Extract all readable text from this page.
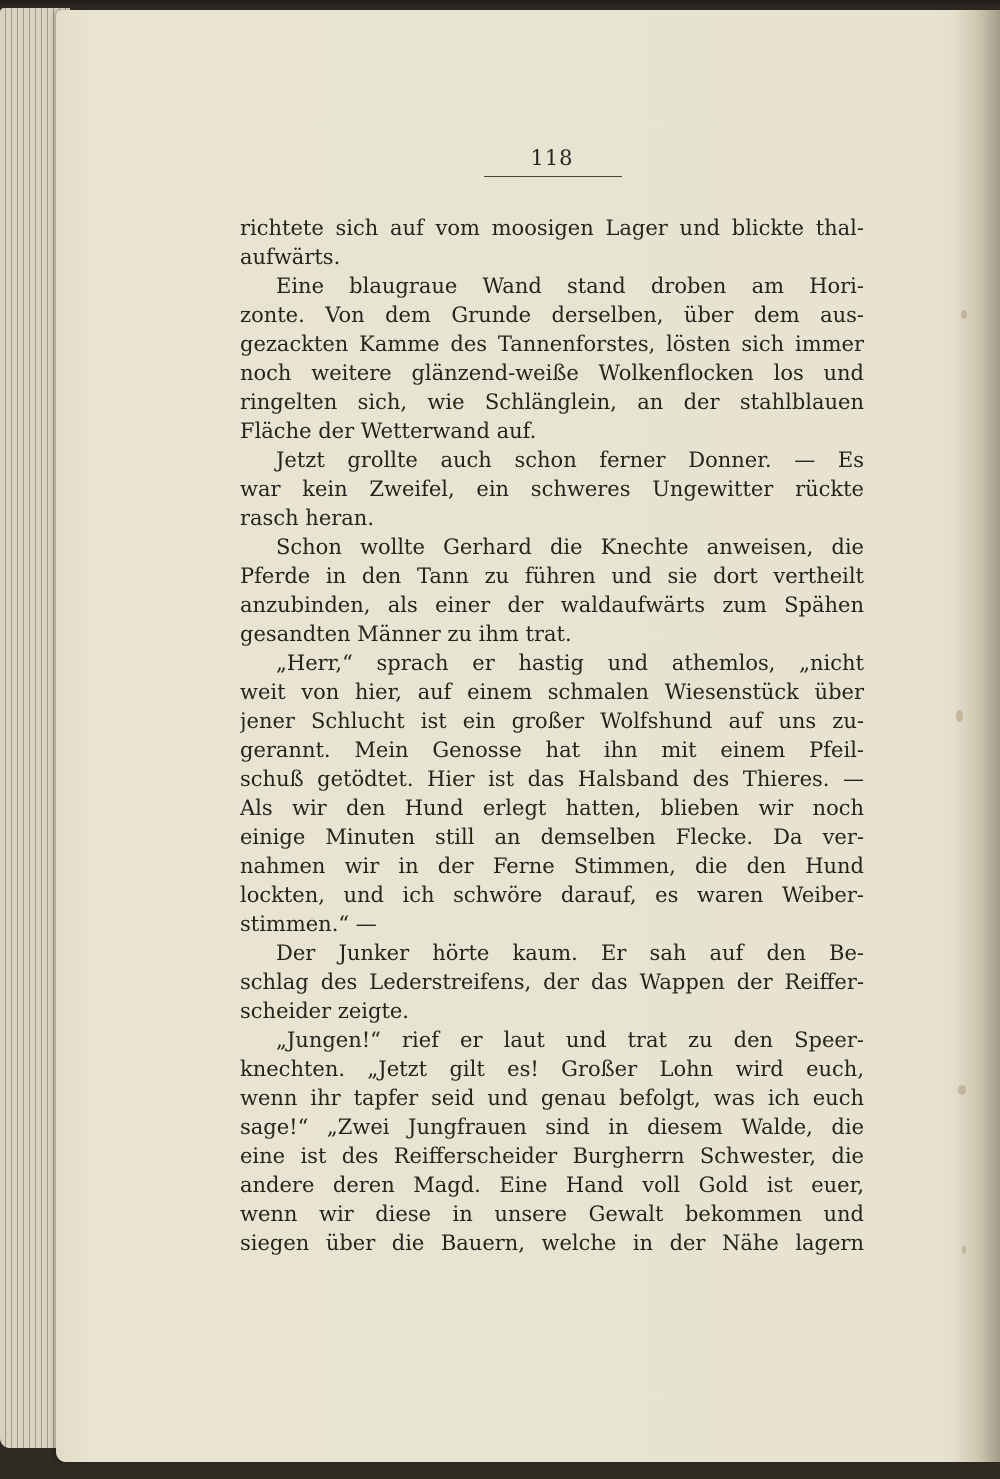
118
richtete sich auf vom moosigen Lager und blickte thal-
aufwärts.
Eine blaugraue Wand stand droben am Hori-
zonte. Von dem Grunde derselben, über dem aus-
gezackten Kamme des Tannenforstes, lösten sich immer
noch weitere glänzend-weiße Wolkenflocken los und
ringelten sich, wie Schlänglein, an der stahlblauen
Fläche der Wetterwand auf.
Jetzt grollte auch schon ferner Donner. — Es
war kein Zweifel, ein schweres Ungewitter rückte
rasch heran.
Schon wollte Gerhard die Knechte anweisen, die
Pferde in den Tann zu führen und sie dort vertheilt
anzubinden, als einer der waldaufwärts zum Spähen
gesandten Männer zu ihm trat.
„Herr,“ sprach er hastig und athemlos, „nicht
weit von hier, auf einem schmalen Wiesenstück über
jener Schlucht ist ein großer Wolfshund auf uns zu-
gerannt. Mein Genosse hat ihn mit einem Pfeil-
schuß getödtet. Hier ist das Halsband des Thieres. —
Als wir den Hund erlegt hatten, blieben wir noch
einige Minuten still an demselben Flecke. Da ver-
nahmen wir in der Ferne Stimmen, die den Hund
lockten, und ich schwöre darauf, es waren Weiber-
stimmen.“ —
Der Junker hörte kaum. Er sah auf den Be-
schlag des Lederstreifens, der das Wappen der Reiffer-
scheider zeigte.
„Jungen!“ rief er laut und trat zu den Speer-
knechten. „Jetzt gilt es! Großer Lohn wird euch,
wenn ihr tapfer seid und genau befolgt, was ich euch
sage!“ „Zwei Jungfrauen sind in diesem Walde, die
eine ist des Reifferscheider Burgherrn Schwester, die
andere deren Magd. Eine Hand voll Gold ist euer,
wenn wir diese in unsere Gewalt bekommen und
siegen über die Bauern, welche in der Nähe lagern
